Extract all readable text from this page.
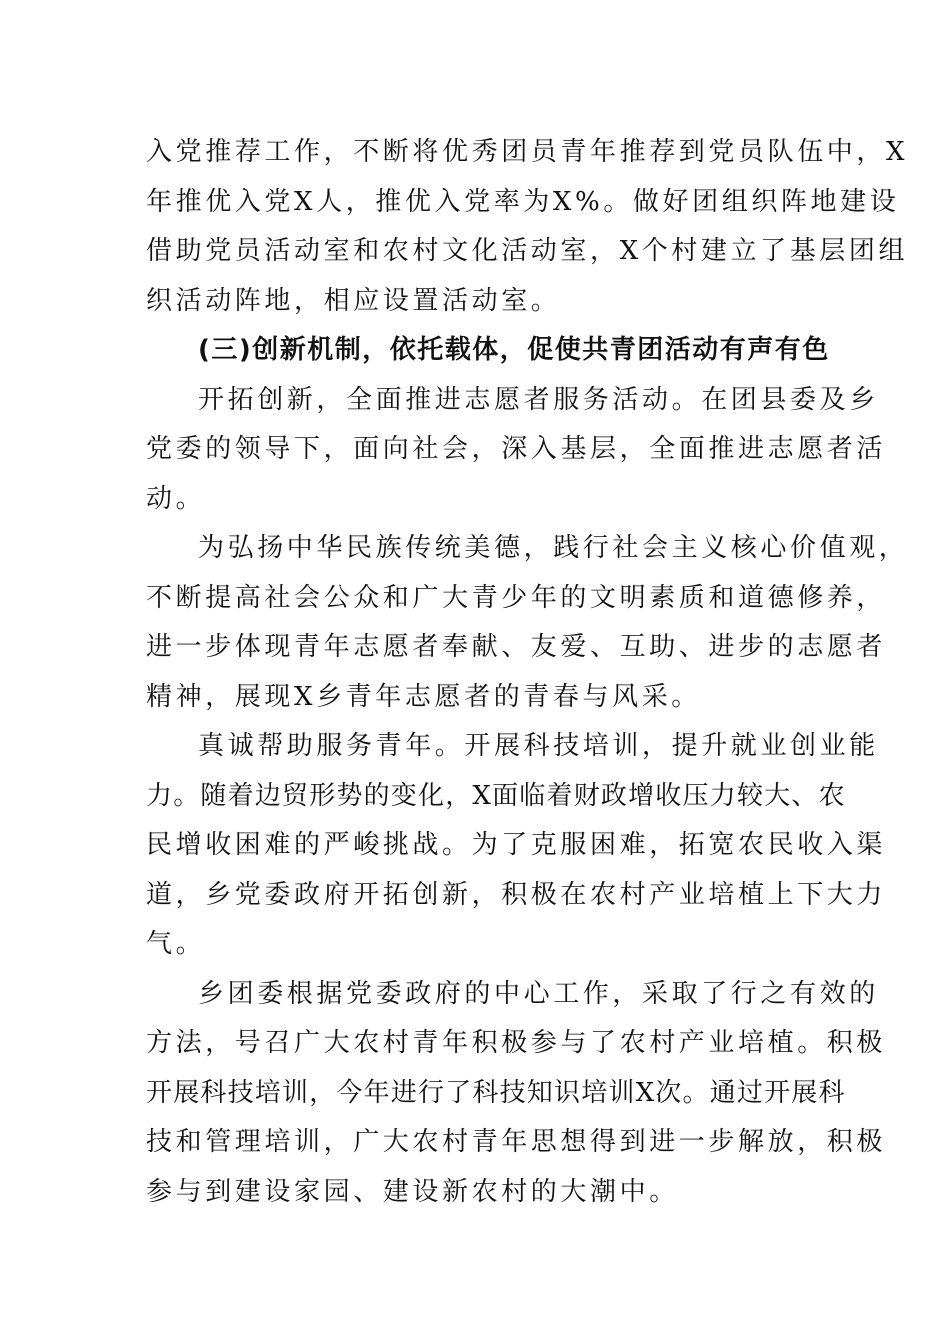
入党推荐工作，不断将优秀团员青年推荐到党员队伍中，X
年推优入党X人，推优入党率为X%。做好团组织阵地建设
借助党员活动室和农村文化活动室，X个村建立了基层团组
织活动阵地，相应设置活动室。
(三)创新机制，依托载体，促使共青团活动有声有色
开拓创新，全面推进志愿者服务活动。在团县委及乡
党委的领导下，面向社会，深入基层，全面推进志愿者活
动。
为弘扬中华民族传统美德，践行社会主义核心价值观，
不断提高社会公众和广大青少年的文明素质和道德修养，
进一步体现青年志愿者奉献、友爱、互助、进步的志愿者
精神，展现X乡青年志愿者的青春与风采。
真诚帮助服务青年。开展科技培训，提升就业创业能
力。随着边贸形势的变化，X面临着财政增收压力较大、农
民增收困难的严峻挑战。为了克服困难，拓宽农民收入渠
道，乡党委政府开拓创新，积极在农村产业培植上下大力
气。
乡团委根据党委政府的中心工作，采取了行之有效的
方法，号召广大农村青年积极参与了农村产业培植。积极
开展科技培训，今年进行了科技知识培训X次。通过开展科
技和管理培训，广大农村青年思想得到进一步解放，积极
参与到建设家园、建设新农村的大潮中。
